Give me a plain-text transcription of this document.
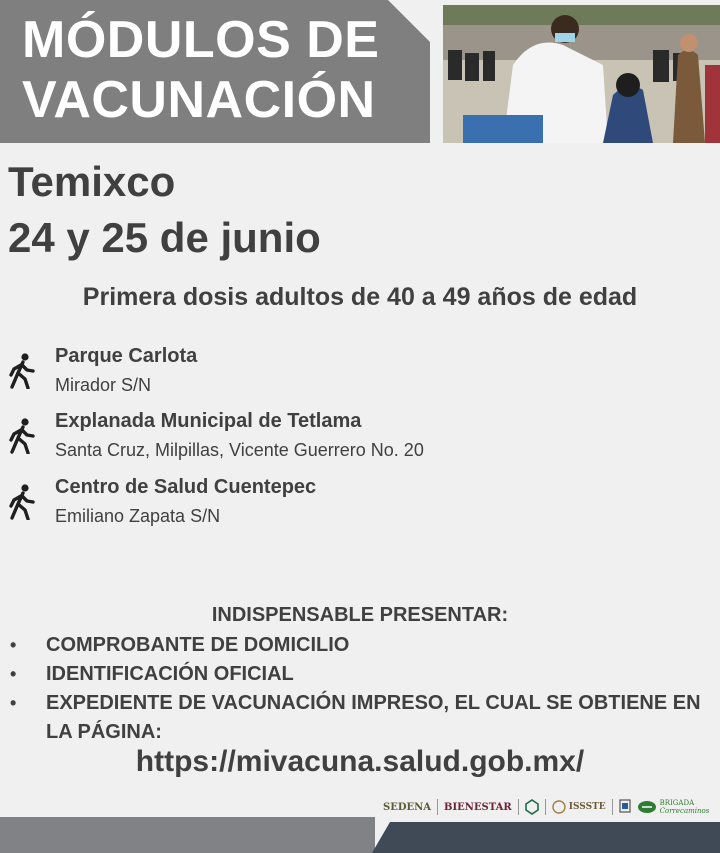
MÓDULOS DE
VACUNACIÓN
Temixco
24 y 25 de junio
Primera dosis adultos de 40 a 49 años de edad
Parque Carlota
Mirador S/N
Explanada Municipal de Tetlama
Santa Cruz, Milpillas, Vicente Guerrero No. 20
Centro de Salud Cuentepec
Emiliano Zapata S/N
INDISPENSABLE PRESENTAR:
• COMPROBANTE DE DOMICILIO
• IDENTIFICACIÓN OFICIAL
• EXPEDIENTE DE VACUNACIÓN IMPRESO, EL CUAL SE OBTIENE EN LA PÁGINA:
https://mivacuna.salud.gob.mx/
SEDENA BIENESTAR	ISSSTE	BRIGADA
Correcaminos
